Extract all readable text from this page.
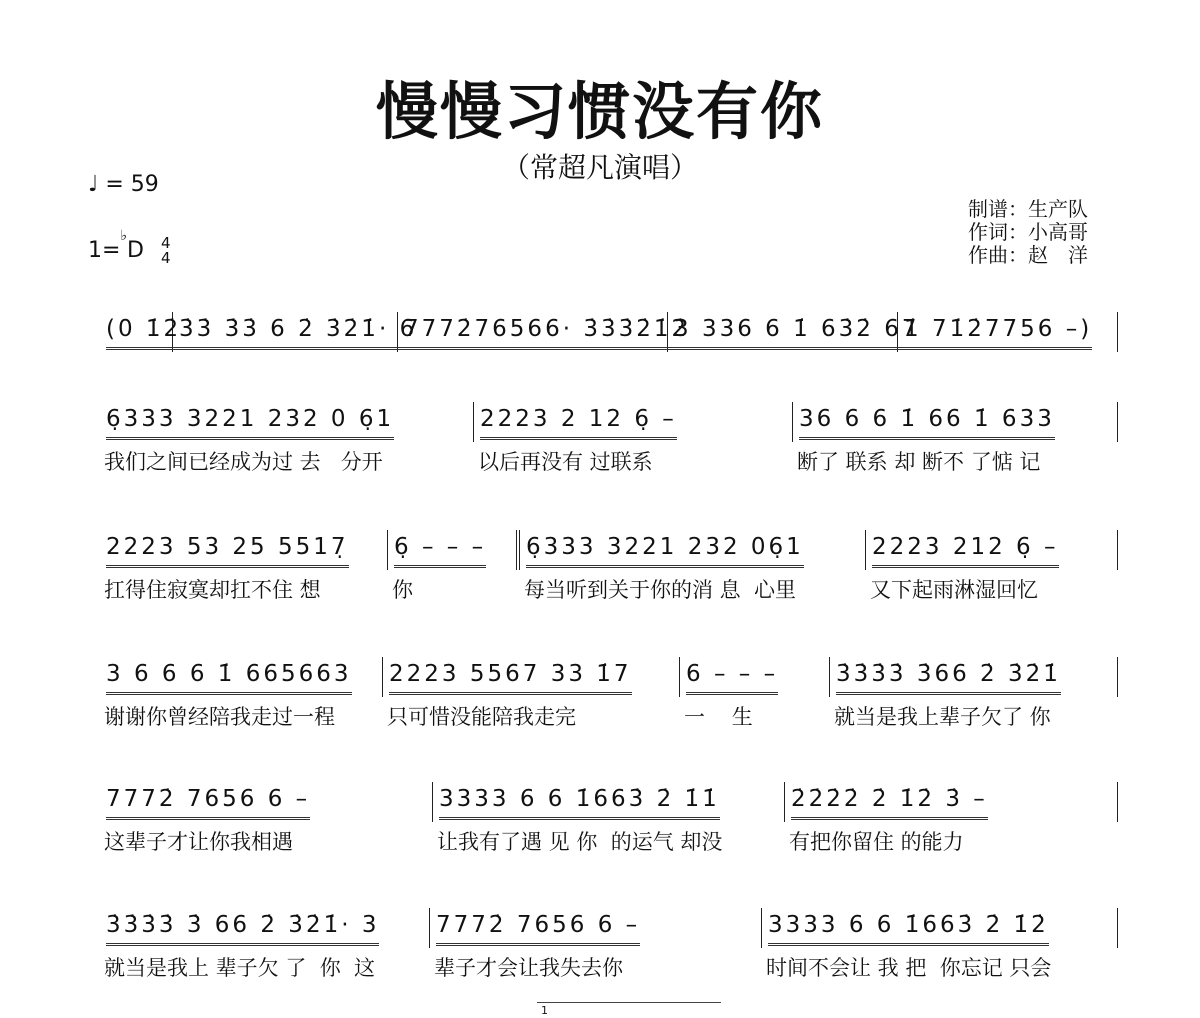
慢慢习惯没有你
（常超凡演唱）
♩ = 59
1=♭D 4
4
制谱：生产队
作词：小高哥
作曲：赵　洋
(0 1̇2̇
3̇3̇ 3̇3̇ 6 2̇ 3̇2̇1̇· 6
7772̇76566· 3̇3̇3̇2̇1̇2̇
3 336 6 1̇ 63̇2̇ 67
1̇ 71̇2̇7756 –)
6̣333 3221 232 0 6̣1
我们之间已经成为过 去   分开
2223 2 12 6̣ –
以后再没有 过联系
36 6 6 1̇ 66 1̇ 633
断了 联系 却 断不 了惦 记
2223 53 25 5517̣
扛得住寂寞却扛不住 想
6̣ – – –
你
6̣333 3221 232 06̣1
每当听到关于你的消 息  心里
2223 212 6̣ –
又下起雨淋湿回忆
3 6 6 6 1̇ 665663
谢谢你曾经陪我走过一程
2223 5567 33 1̇7
只可惜没能陪我走完
6 – – –
一    生
3̇3̇3̇3̇ 3̇66 2̇ 3̇2̇1̇
就当是我上辈子欠了 你
7772̇ 7656 6 –
这辈子才让你我相遇
3333 6 6 1̇663̇ 2̇ 1̇1̇
让我有了遇 见 你  的运气 却没
2̇2̇2̇2̇ 2̇ 1̇2̇ 3̇ –
有把你留住 的能力
3̇3̇3̇3̇ 3̇ 66 2̇ 3̇2̇1̇· 3
就当是我上 辈子欠 了  你  这
7772̇ 7656 6 –
辈子才会让我失去你
3333 6 6 1̇663̇ 2̇ 1̇2̇
时间不会让 我 把  你忘记 只会
1
